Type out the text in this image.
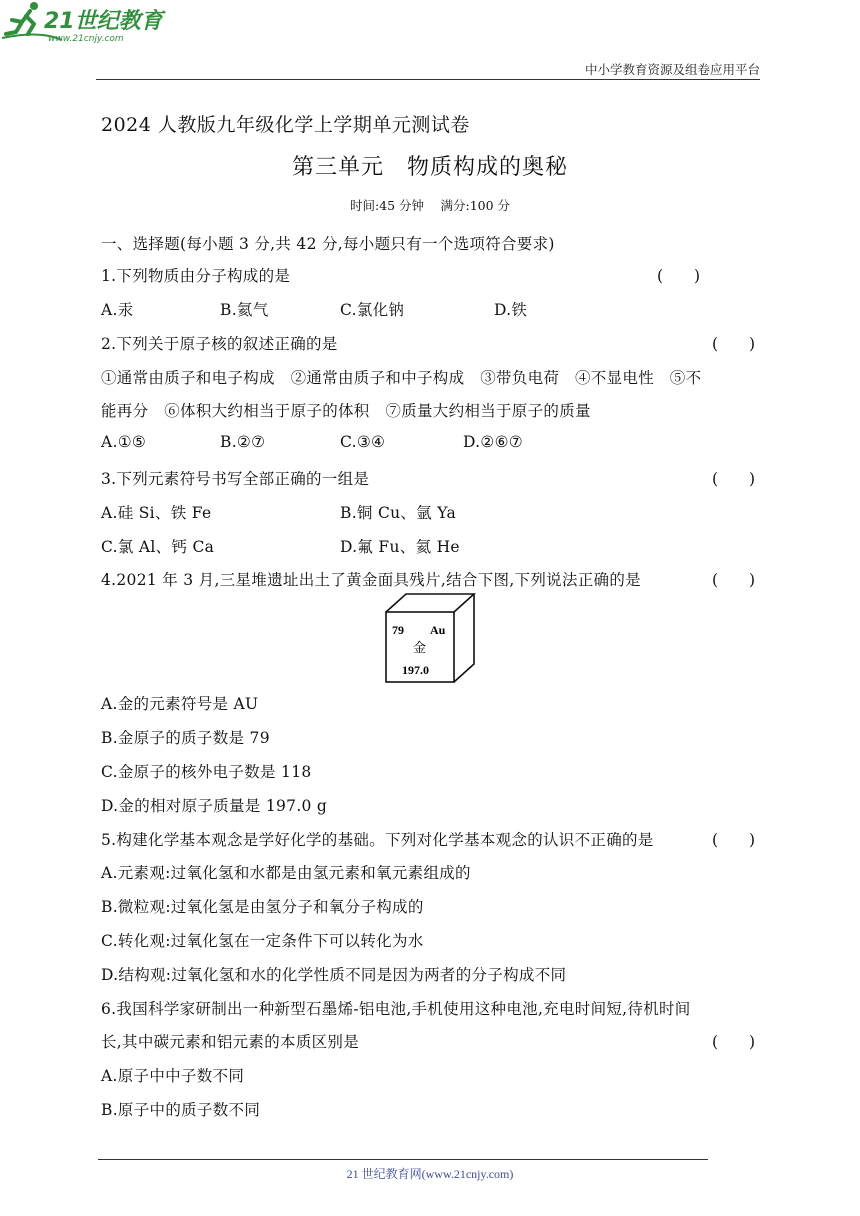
21世纪教育
www.21cnjy.com
中小学教育资源及组卷应用平台
2024 人教版九年级化学上学期单元测试卷
第三单元　物质构成的奥秘
时间:45 分钟　 满分:100 分
一、选择题(每小题 3 分,共 42 分,每小题只有一个选项符合要求)
1.下列物质由分子构成的是	(　　)
A.汞	B.氦气	C.氯化钠	D.铁
2.下列关于原子核的叙述正确的是	(　　)
①通常由质子和电子构成　②通常由质子和中子构成　③带负电荷　④不显电性　⑤不
能再分　⑥体积大约相当于原子的体积　⑦质量大约相当于原子的质量
A.①⑤	B.②⑦	C.③④	D.②⑥⑦
3.下列元素符号书写全部正确的一组是	(　　)
A.硅 Si、铁 Fe	B.铜 Cu、氩 Ya
C.氯 Al、钙 Ca	D.氟 Fu、氦 He
4.2021 年 3 月,三星堆遗址出土了黄金面具残片,结合下图,下列说法正确的是	(　　)
79 Au
金
197.0
A.金的元素符号是 AU
B.金原子的质子数是 79
C.金原子的核外电子数是 118
D.金的相对原子质量是 197.0 g
5.构建化学基本观念是学好化学的基础。下列对化学基本观念的认识不正确的是	(　　)
A.元素观:过氧化氢和水都是由氢元素和氧元素组成的
B.微粒观:过氧化氢是由氢分子和氧分子构成的
C.转化观:过氧化氢在一定条件下可以转化为水
D.结构观:过氧化氢和水的化学性质不同是因为两者的分子构成不同
6.我国科学家研制出一种新型石墨烯-铝电池,手机使用这种电池,充电时间短,待机时间
长,其中碳元素和铝元素的本质区别是	(　　)
A.原子中中子数不同
B.原子中的质子数不同
21 世纪教育网(www.21cnjy.com)
